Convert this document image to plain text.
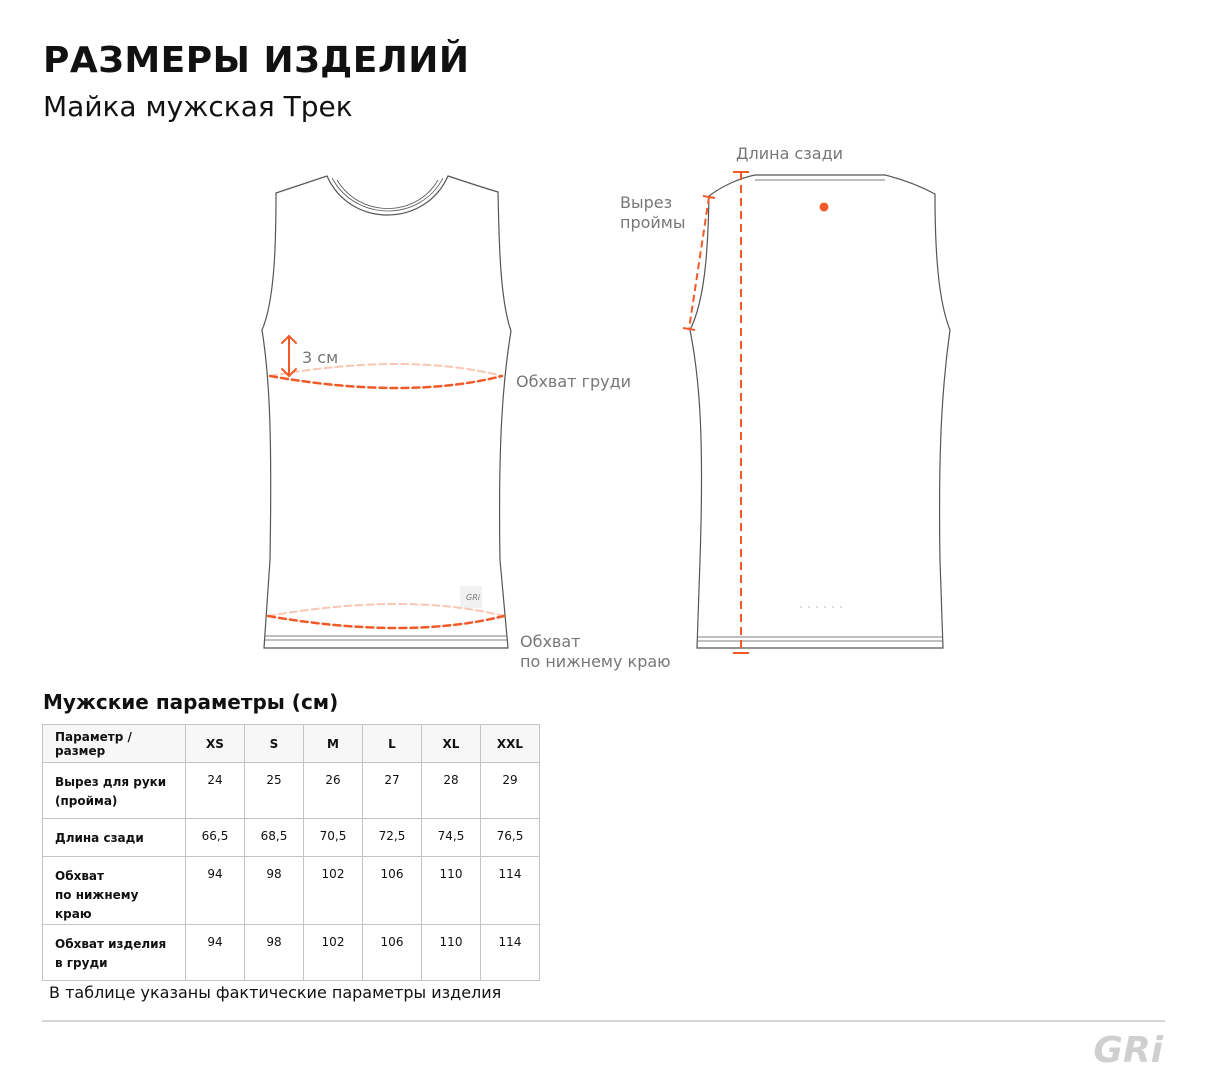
РАЗМЕРЫ ИЗДЕЛИЙ
Майка мужская Трек
GRi
3 см
Обхват груди
Обхват
по нижнему краю
Длина сзади
Вырез
проймы
Мужские параметры (см)
Параметр / размер	XS	S	M	L	XL	XXL
Вырез для руки
(пройма)	24	25	26	27	28	29
Длина сзади	66,5	68,5	70,5	72,5	74,5	76,5
Обхват
по нижнему краю	94	98	102	106	110	114
Обхват изделия
в груди	94	98	102	106	110	114

В таблице указаны фактические параметры изделия

GRi
